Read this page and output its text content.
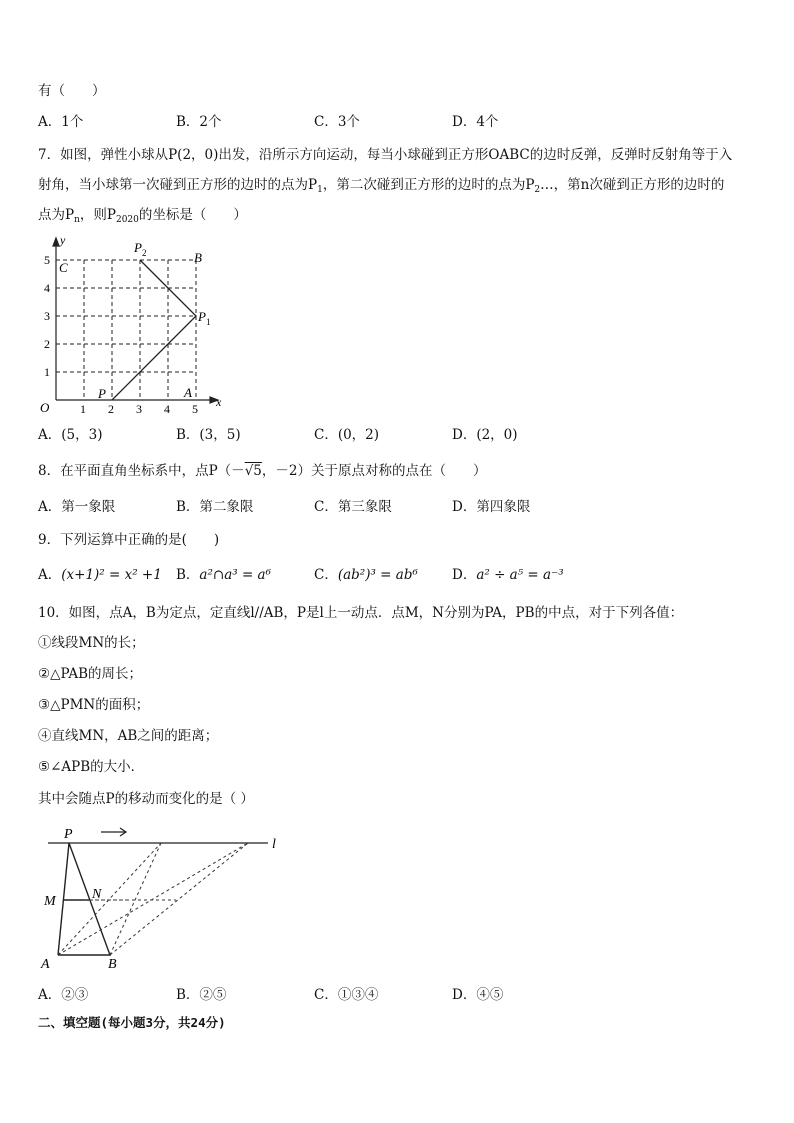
有（　　）
A．1个	B．2个	C．3个	D．4个
7．如图，弹性小球从P(2，0)出发，沿所示方向运动，每当小球碰到正方形OABC的边时反弹，反弹时反射角等于入
射角，当小球第一次碰到正方形的边时的点为$P_1$，第二次碰到正方形的边时的点为$P_2\dots$，第n次碰到正方形的边时的
点为$P_n$，则$P_{2020}$的坐标是（　　）
y
x
O	1 2 3 4 5
1
2
3
4
5 C
B
A
P
$P_1$
$P_2$
A．(5，3)	B．(3，5)	C．(0，2)	D．(2，0)
8．在平面直角坐标系中，点P（－√5，－2）关于原点对称的点在（　　）
A．第一象限	B．第二象限	C．第三象限	D．第四象限
9．下列运算中正确的是(　　)
A．(x+1)² = x² +1 B．a²∩a³ = a⁶	C．(ab²)³ = ab⁶	D．a² ÷ a⁵ = a⁻³
10．如图，点A，B为定点，定直线l//AB，P是l上一动点．点M，N分别为PA，PB的中点，对于下列各值：
①线段MN的长；
②△PAB的周长；
③△PMN的面积；
④直线MN，AB之间的距离；
⑤∠APB的大小．
其中会随点P的移动而变化的是（ ）
P
M	N
A	B
l
A．②③	B．②⑤	C．①③④	D．④⑤
二、填空题(每小题3分，共24分)
